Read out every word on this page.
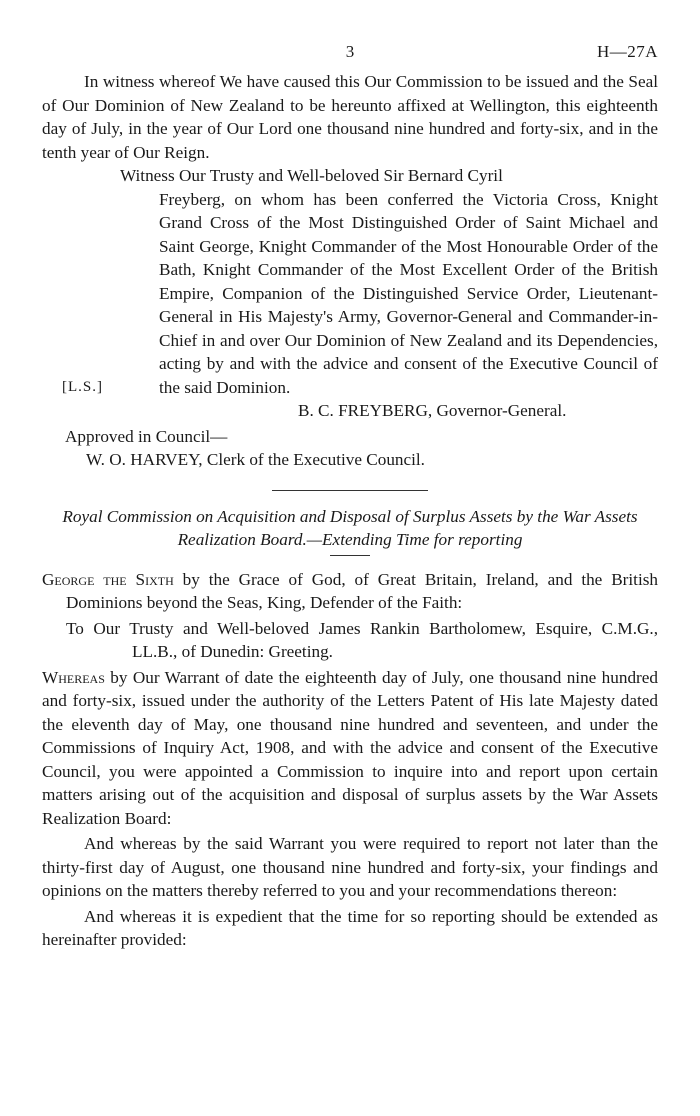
3	H—27A

In witness whereof We have caused this Our Commission to be issued and the Seal of Our Dominion of New Zealand to be hereunto affixed at Wellington, this eighteenth day of July, in the year of Our Lord one thousand nine hundred and forty-six, and in the tenth year of Our Reign.

Witness Our Trusty and Well-beloved Sir Bernard Cyril

[L.S.]

Freyberg, on whom has been conferred the Victoria Cross, Knight Grand Cross of the Most Distinguished Order of Saint Michael and Saint George, Knight Commander of the Most Honourable Order of the Bath, Knight Commander of the Most Excellent Order of the British Empire, Companion of the Distinguished Service Order, Lieutenant-General in His Majesty's Army, Governor-General and Commander-in-Chief in and over Our Dominion of New Zealand and its Dependencies, acting by and with the advice and consent of the Executive Council of the said Dominion.

B. C. FREYBERG, Governor-General.

Approved in Council—

W. O. HARVEY, Clerk of the Executive Council.

Royal Commission on Acquisition and Disposal of Surplus Assets by the War Assets Realization Board.—Extending Time for reporting

George the Sixth by the Grace of God, of Great Britain, Ireland, and the British Dominions beyond the Seas, King, Defender of the Faith:

To Our Trusty and Well-beloved James Rankin Bartholomew, Esquire, C.M.G., LL.B., of Dunedin: Greeting.

Whereas by Our Warrant of date the eighteenth day of July, one thousand nine hundred and forty-six, issued under the authority of the Letters Patent of His late Majesty dated the eleventh day of May, one thousand nine hundred and seventeen, and under the Commissions of Inquiry Act, 1908, and with the advice and consent of the Executive Council, you were appointed a Commission to inquire into and report upon certain matters arising out of the acquisition and disposal of surplus assets by the War Assets Realization Board:

And whereas by the said Warrant you were required to report not later than the thirty-first day of August, one thousand nine hundred and forty-six, your findings and opinions on the matters thereby referred to you and your recommendations thereon:

And whereas it is expedient that the time for so reporting should be extended as hereinafter provided:
